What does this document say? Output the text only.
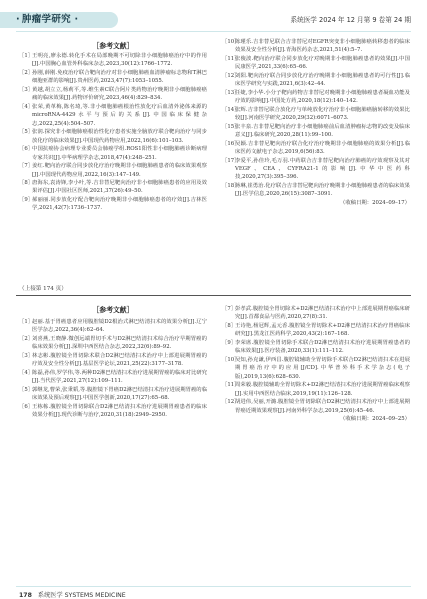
· 肿瘤学研究 ·	系统医学 2024 年 12 月第 9 卷第 24 期
［参考文献］
［1］
王明亮,廖永德.转化手术在局部晚期不可切除非小细胞肺癌治疗中的作用[J].中国胸心血管外科临床杂志,2023,30(12):1766–1772.
［2］
孙刚,薛刚.免疫治疗联合靶向治疗对非小细胞肺癌血清肿瘤标志物和T淋巴细胞亚群的影响[J].贵州医药,2023,47(7):1053–1055.
［3］
黄越,胡立立,杨莉平,等.维生素C联合阿片类药物治疗晚期非小细胞肺癌癌痛的临床效果[J].药物评价研究,2023,46(4):829–834.
［4］
张荣,黄革梅,陈名琦,等.非小细胞肺癌根治性放化疗后血清外泌体来源的microRNA-4429水平与预后的关系[J].中国临床保健杂志,2022,25(4):504–507.
［5］
张润.探究非小细胞肺癌根治性化疗患者实施全脑放疗联合靶向治疗与同步放化疗的临床效果[J].中国现代药物应用,2022,16(6):101–103.
［6］
中国抗癌协会病理专业委员会肺癌学组.ROS1阳性非小细胞肺癌诊断病理专家共识[J].中华病理学杂志,2018,47(4):248–251.
［7］
姜红.靶向治疗联合同步放化疗治疗晚期非小细胞肺癌患者的临床效果观察[J].中国现代药物应用,2022,16(3):147–149.
［8］
唐海东,袁涛锋,李小叶,等.吉非替尼靶向治疗非小细胞肺癌患者的应用及效果评估[J].中国社区医师,2021,37(26):49–50.
［9］
郝丽丽.同步放化疗配合靶向治疗晚期非小细胞肺癌患者的疗效[J].吉林医学,2021,42(7):1736–1737.
［10］
陈瑾乐.吉非替尼联合吉非替尼对EGFR突变非小细胞肺癌转移患者的临床效果及安全性分析[J].青海医药杂志,2021,51(4):5–7.
［11］
张俊波.靶向治疗联合同步放化疗对晚期非小细胞肺癌患者的效果[J].中国民康医学,2021,33(6):65–66.
［12］
刘阳.靶向治疗联合同步放化疗治疗晚期非小细胞肺癌患者的可行性[J].临床医学研究与实践,2021,6(3):42–44.
［13］
任婕,李小华.小分子靶向药物吉非替尼对晚期非小细胞肺癌患者凝血功能及疗效的影响[J].中国处方药,2020,18(12):140–142.
［14］
张辉.吉非替尼联合放化疗与单纯放化疗治疗非小细胞肺癌脑转移的效果比较[J].河南医学研究,2020,29(32):6071–6073.
［15］
张丰泉.吉非替尼靶向治疗非小细胞肺癌前后血清肿瘤标志物的改变及临床意义[J].临床研究,2020,28(11):99–100.
［16］
吴颖.吉非替尼靶向治疗联合化疗治疗晚期非小细胞肺癌的效果分析[J].临床医药文献电子杂志,2019,6(56):83.
［17］
李爱平,孙佳玲,毛万羽.中药联合吉非替尼靶向治疗肺癌的疗效观察及其对VEGF、CEA、CYFRA21-1的影响[J].中华中医药科技,2020,27(3):395–396.
［18］
蒋琳,崔勇治.化疗联合吉非替尼靶向治疗晚期非小细胞肺癌患者的临床效果[J].医学信息,2020,26(15):3087–3091.
（收稿日期：2024–09–17）
（上接第 174 页）
［参考文献］
［1］
赵丽.基于胃癌患者应用腹腔镜D2根治式淋巴结清扫术的效果分析[J].辽宁医学杂志,2022,36(4):62–64.
［2］
刘喜燕,王晓静.微创远端胃切手术与D2淋巴结清扫术综合治疗早期胃癌的临床效果分析[J].深圳中西医结合杂志,2022,32(6):89–92.
［3］
林志彬.腹腔镜全胃切除术联合D2淋巴结清扫术治疗中上部进展期胃癌的疗效及安全性分析[J].基层医学论坛,2021,25(22):3177–3178.
［4］
陈磊,孙伟,罗学伟,等.两种D2淋巴结清扫术治疗进展期胃癌的临床对比研究[J].当代医学,2021,27(12):109–111.
［5］
郭继龙,曹荣,张秉韬,等.腹腔镜下胃癌D2淋巴结清扫术治疗进展期胃癌的临床效果及预后观察[J].中国医学创新,2020,17(27):65–68.
［6］
王栋栋.腹腔镜全胃切除联合D2淋巴结清扫术治疗进展期胃癌患者的临床效果分析[J].现代诊断与治疗,2020,31(18):2949–2950.
［7］
彭孝武.腹腔镜全胃切除术+D2淋巴结清扫术治疗中上部进展期胃癌临床研究[J].首都食品与医药,2020,27(8):31.
［8］
王诗艳,杨冠辉,孟元香.腹腔镜全胃切除术+D2淋巴结清扫术治疗胃癌临床研究[J].黑龙江医药科学,2020,43(2):167–168.
［9］
李荣席.腹腔镜全胃切除手术联合D2淋巴结清扫术治疗进展期胃癌患者的临床效果[J].医疗装备,2020,33(1):111–112.
［10］
吴知,孙克谦,伊西昌.腹腔镜辅助全胃切除手术联合D2淋巴结清扫术在进展期胃癌治疗中的应用[J/CD].中华普外科手术学杂志(电子版),2019,13(6):628–630.
［11］
周荣毅.腹腔镜辅助全胃切除术+D2淋巴结清扫术治疗进展期胃癌临床观察[J].实用中西医结合临床,2019,19(11):126–128.
［12］
胡进伟,吴丽,开潞.腹腔镜全胃切除联合D2淋巴结清扫术治疗中上部进展期胃癌近期效果观察[J].河南外科学杂志,2019,25(6):45–46.
（收稿日期：2024–09–25）
178 系统医学 SYSTEMS MEDICINE
